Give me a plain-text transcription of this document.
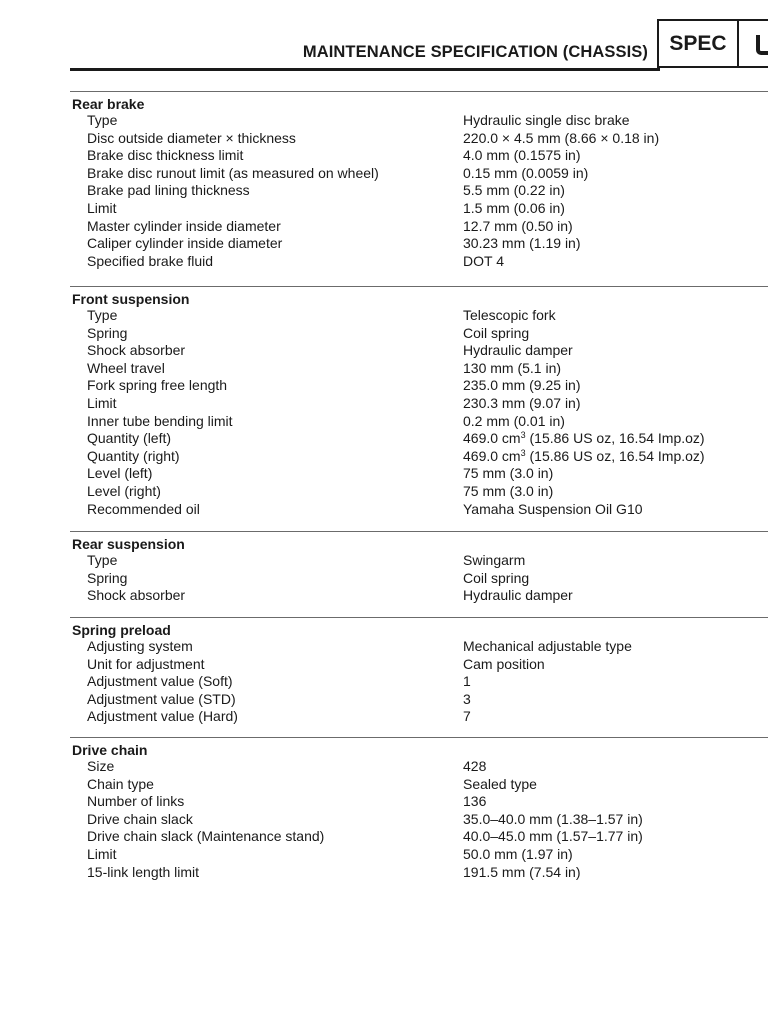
MAINTENANCE SPECIFICATION (CHASSIS)	SPEC
Rear brake
Type	Hydraulic single disc brake
Disc outside diameter × thickness	220.0 × 4.5 mm (8.66 × 0.18 in)
Brake disc thickness limit	4.0 mm (0.1575 in)
Brake disc runout limit (as measured on wheel)	0.15 mm (0.0059 in)
Brake pad lining thickness	5.5 mm (0.22 in)
Limit	1.5 mm (0.06 in)
Master cylinder inside diameter	12.7 mm (0.50 in)
Caliper cylinder inside diameter	30.23 mm (1.19 in)
Specified brake fluid	DOT 4
Front suspension
Type	Telescopic fork
Spring	Coil spring
Shock absorber	Hydraulic damper
Wheel travel	130 mm (5.1 in)
Fork spring free length	235.0 mm (9.25 in)
Limit	230.3 mm (9.07 in)
Inner tube bending limit	0.2 mm (0.01 in)
Quantity (left)	469.0 $cm^3$ (15.86 US oz, 16.54 Imp.oz)
Quantity (right)	469.0 $cm^3$ (15.86 US oz, 16.54 Imp.oz)
Level (left)	75 mm (3.0 in)
Level (right)	75 mm (3.0 in)
Recommended oil	Yamaha Suspension Oil G10
Rear suspension
Type	Swingarm
Spring	Coil spring
Shock absorber	Hydraulic damper
Spring preload
Adjusting system	Mechanical adjustable type
Unit for adjustment	Cam position
Adjustment value (Soft)	1
Adjustment value (STD)	3
Adjustment value (Hard)	7
Drive chain
Size	428
Chain type	Sealed type
Number of links	136
Drive chain slack	35.0–40.0 mm (1.38–1.57 in)
Drive chain slack (Maintenance stand)	40.0–45.0 mm (1.57–1.77 in)
Limit	50.0 mm (1.97 in)
15-link length limit	191.5 mm (7.54 in)
